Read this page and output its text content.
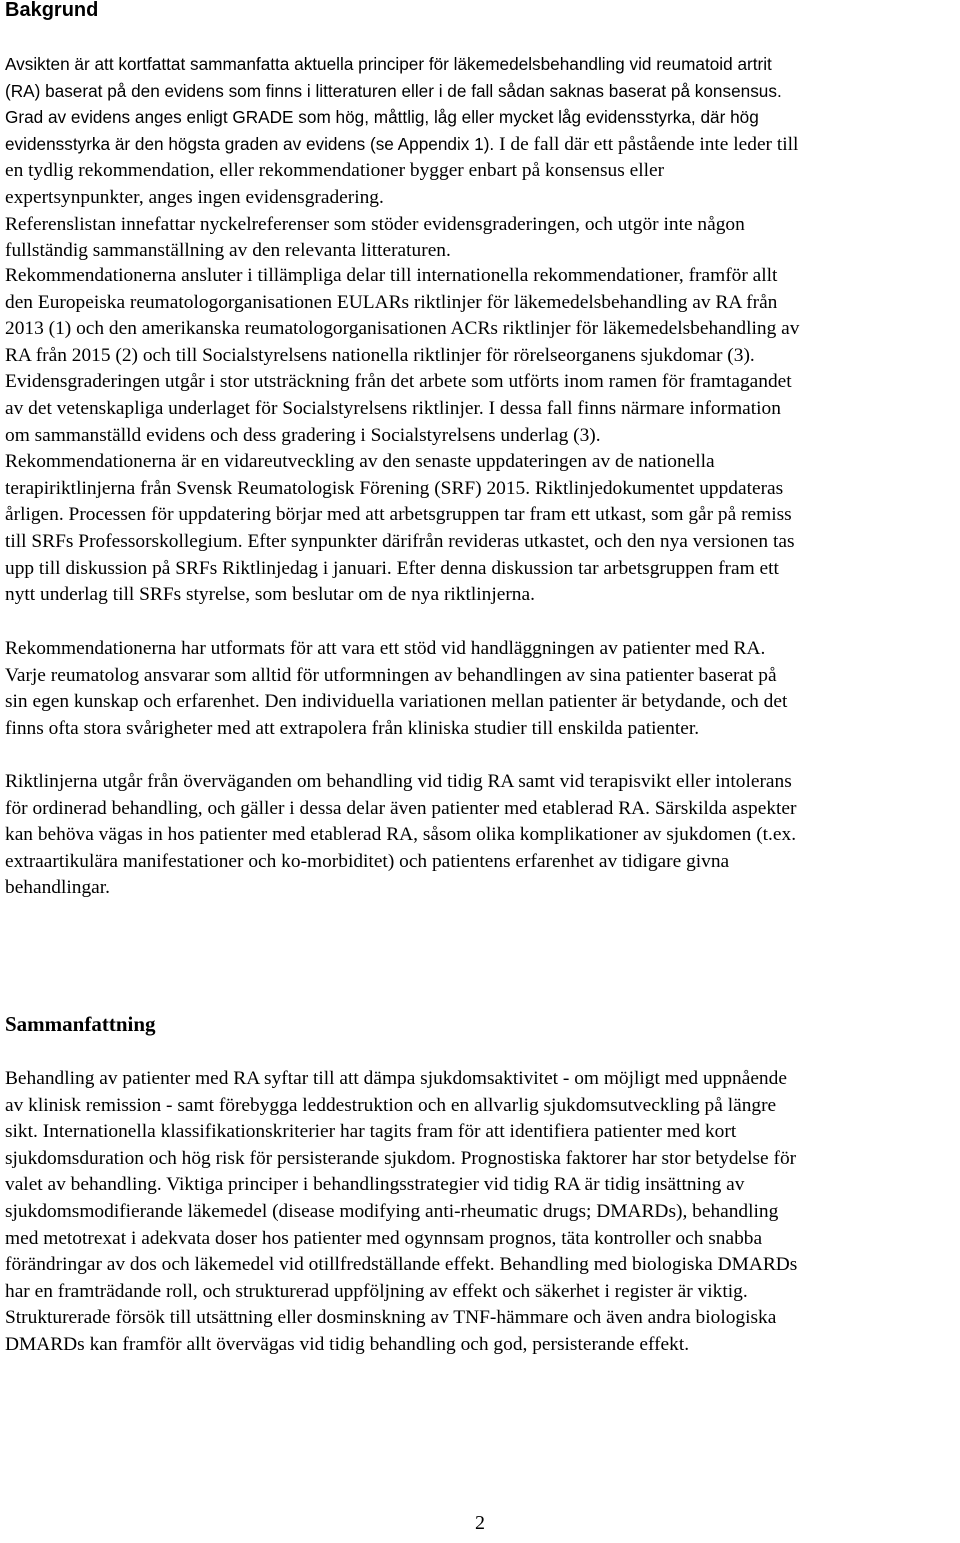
Bakgrund
Avsikten är att kortfattat sammanfatta aktuella principer för läkemedelsbehandling vid reumatoid artrit
(RA) baserat på den evidens som finns i litteraturen eller i de fall sådan saknas baserat på konsensus.
Grad av evidens anges enligt GRADE som hög, måttlig, låg eller mycket låg evidensstyrka, där hög
evidensstyrka är den högsta graden av evidens (se Appendix 1). I de fall där ett påstående inte leder till
en tydlig rekommendation, eller rekommendationer bygger enbart på konsensus eller
expertsynpunkter, anges ingen evidensgradering.
Referenslistan innefattar nyckelreferenser som stöder evidensgraderingen, och utgör inte någon
fullständig sammanställning av den relevanta litteraturen.
Rekommendationerna ansluter i tillämpliga delar till internationella rekommendationer, framför allt
den Europeiska reumatologorganisationen EULARs riktlinjer för läkemedelsbehandling av RA från
2013 (1) och den amerikanska reumatologorganisationen ACRs riktlinjer för läkemedelsbehandling av
RA från 2015 (2) och till Socialstyrelsens nationella riktlinjer för rörelseorganens sjukdomar (3).
Evidensgraderingen utgår i stor utsträckning från det arbete som utförts inom ramen för framtagandet
av det vetenskapliga underlaget för Socialstyrelsens riktlinjer. I dessa fall finns närmare information
om sammanställd evidens och dess gradering i Socialstyrelsens underlag (3).
Rekommendationerna är en vidareutveckling av den senaste uppdateringen av de nationella
terapiriktlinjerna från Svensk Reumatologisk Förening (SRF) 2015. Riktlinjedokumentet uppdateras
årligen. Processen för uppdatering börjar med att arbetsgruppen tar fram ett utkast, som går på remiss
till SRFs Professorskollegium. Efter synpunkter därifrån revideras utkastet, och den nya versionen tas
upp till diskussion på SRFs Riktlinjedag i januari. Efter denna diskussion tar arbetsgruppen fram ett
nytt underlag till SRFs styrelse, som beslutar om de nya riktlinjerna.
Rekommendationerna har utformats för att vara ett stöd vid handläggningen av patienter med RA.
Varje reumatolog ansvarar som alltid för utformningen av behandlingen av sina patienter baserat på
sin egen kunskap och erfarenhet. Den individuella variationen mellan patienter är betydande, och det
finns ofta stora svårigheter med att extrapolera från kliniska studier till enskilda patienter.
Riktlinjerna utgår från överväganden om behandling vid tidig RA samt vid terapisvikt eller intolerans
för ordinerad behandling, och gäller i dessa delar även patienter med etablerad RA. Särskilda aspekter
kan behöva vägas in hos patienter med etablerad RA, såsom olika komplikationer av sjukdomen (t.ex.
extraartikulära manifestationer och ko-morbiditet) och patientens erfarenhet av tidigare givna
behandlingar.
Sammanfattning
Behandling av patienter med RA syftar till att dämpa sjukdomsaktivitet - om möjligt med uppnående
av klinisk remission - samt förebygga leddestruktion och en allvarlig sjukdomsutveckling på längre
sikt. Internationella klassifikationskriterier har tagits fram för att identifiera patienter med kort
sjukdomsduration och hög risk för persisterande sjukdom. Prognostiska faktorer har stor betydelse för
valet av behandling. Viktiga principer i behandlingsstrategier vid tidig RA är tidig insättning av
sjukdomsmodifierande läkemedel (disease modifying anti-rheumatic drugs; DMARDs), behandling
med metotrexat i adekvata doser hos patienter med ogynnsam prognos, täta kontroller och snabba
förändringar av dos och läkemedel vid otillfredställande effekt. Behandling med biologiska DMARDs
har en framträdande roll, och strukturerad uppföljning av effekt och säkerhet i register är viktig.
Strukturerade försök till utsättning eller dosminskning av TNF-hämmare och även andra biologiska
DMARDs kan framför allt övervägas vid tidig behandling och god, persisterande effekt.
2
